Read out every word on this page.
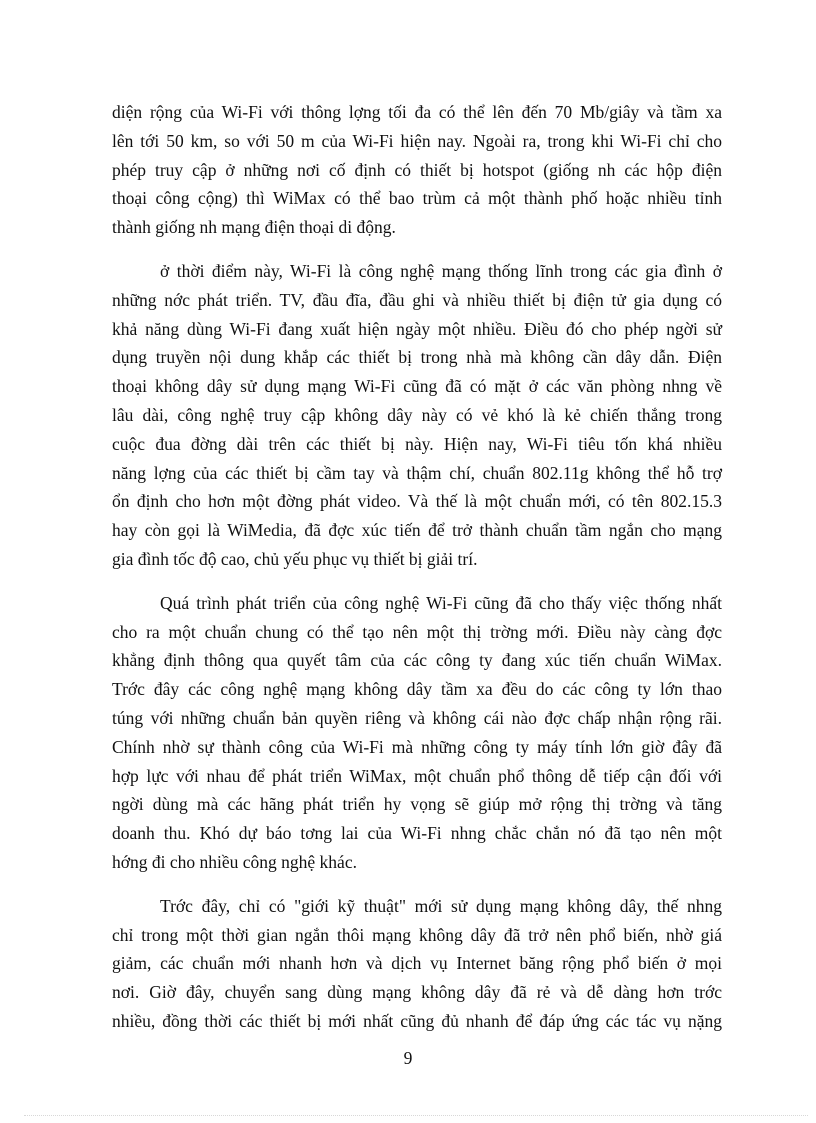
diện rộng của Wi-Fi với thông lợng tối đa có thể lên đến 70 Mb/giây và tầm xa
lên tới 50 km, so với 50 m của Wi-Fi hiện nay. Ngoài ra, trong khi Wi-Fi chỉ cho
phép truy cập ở những nơi cố định có thiết bị hotspot (giống nh các hộp điện
thoại công cộng) thì WiMax có thể bao trùm cả một thành phố hoặc nhiều tỉnh
thành giống nh mạng điện thoại di động.
ở thời điểm này, Wi-Fi là công nghệ mạng thống lĩnh trong các gia đình ở
những nớc phát triển. TV, đầu đĩa, đầu ghi và nhiều thiết bị điện tử gia dụng có
khả năng dùng Wi-Fi đang xuất hiện ngày một nhiều. Điều đó cho phép ngời sử
dụng truyền nội dung khắp các thiết bị trong nhà mà không cần dây dẫn. Điện
thoại không dây sử dụng mạng Wi-Fi cũng đã có mặt ở các văn phòng nhng về
lâu dài, công nghệ truy cập không dây này có vẻ khó là kẻ chiến thắng trong
cuộc đua đờng dài trên các thiết bị này. Hiện nay, Wi-Fi tiêu tốn khá nhiều
năng lợng của các thiết bị cầm tay và thậm chí, chuẩn 802.11g không thể hỗ trợ
ổn định cho hơn một đờng phát video. Và thế là một chuẩn mới, có tên 802.15.3
hay còn gọi là WiMedia, đã đợc xúc tiến để trở thành chuẩn tầm ngắn cho mạng
gia đình tốc độ cao, chủ yếu phục vụ thiết bị giải trí.
Quá trình phát triển của công nghệ Wi-Fi cũng đã cho thấy việc thống nhất
cho ra một chuẩn chung có thể tạo nên một thị trờng mới. Điều này càng đợc
khẳng định thông qua quyết tâm của các công ty đang xúc tiến chuẩn WiMax.
Trớc đây các công nghệ mạng không dây tầm xa đều do các công ty lớn thao
túng với những chuẩn bản quyền riêng và không cái nào đợc chấp nhận rộng rãi.
Chính nhờ sự thành công của Wi-Fi mà những công ty máy tính lớn giờ đây đã
hợp lực với nhau để phát triển WiMax, một chuẩn phổ thông dễ tiếp cận đối với
ngời dùng mà các hãng phát triển hy vọng sẽ giúp mở rộng thị trờng và tăng
doanh thu. Khó dự báo tơng lai của Wi-Fi nhng chắc chắn nó đã tạo nên một
hớng đi cho nhiều công nghệ khác.
Trớc đây, chỉ có "giới kỹ thuật" mới sử dụng mạng không dây, thế nhng
chỉ trong một thời gian ngắn thôi mạng không dây đã trở nên phổ biến, nhờ giá
giảm, các chuẩn mới nhanh hơn và dịch vụ Internet băng rộng phổ biến ở mọi
nơi. Giờ đây, chuyển sang dùng mạng không dây đã rẻ và dễ dàng hơn trớc
nhiều, đồng thời các thiết bị mới nhất cũng đủ nhanh để đáp ứng các tác vụ nặng
9
